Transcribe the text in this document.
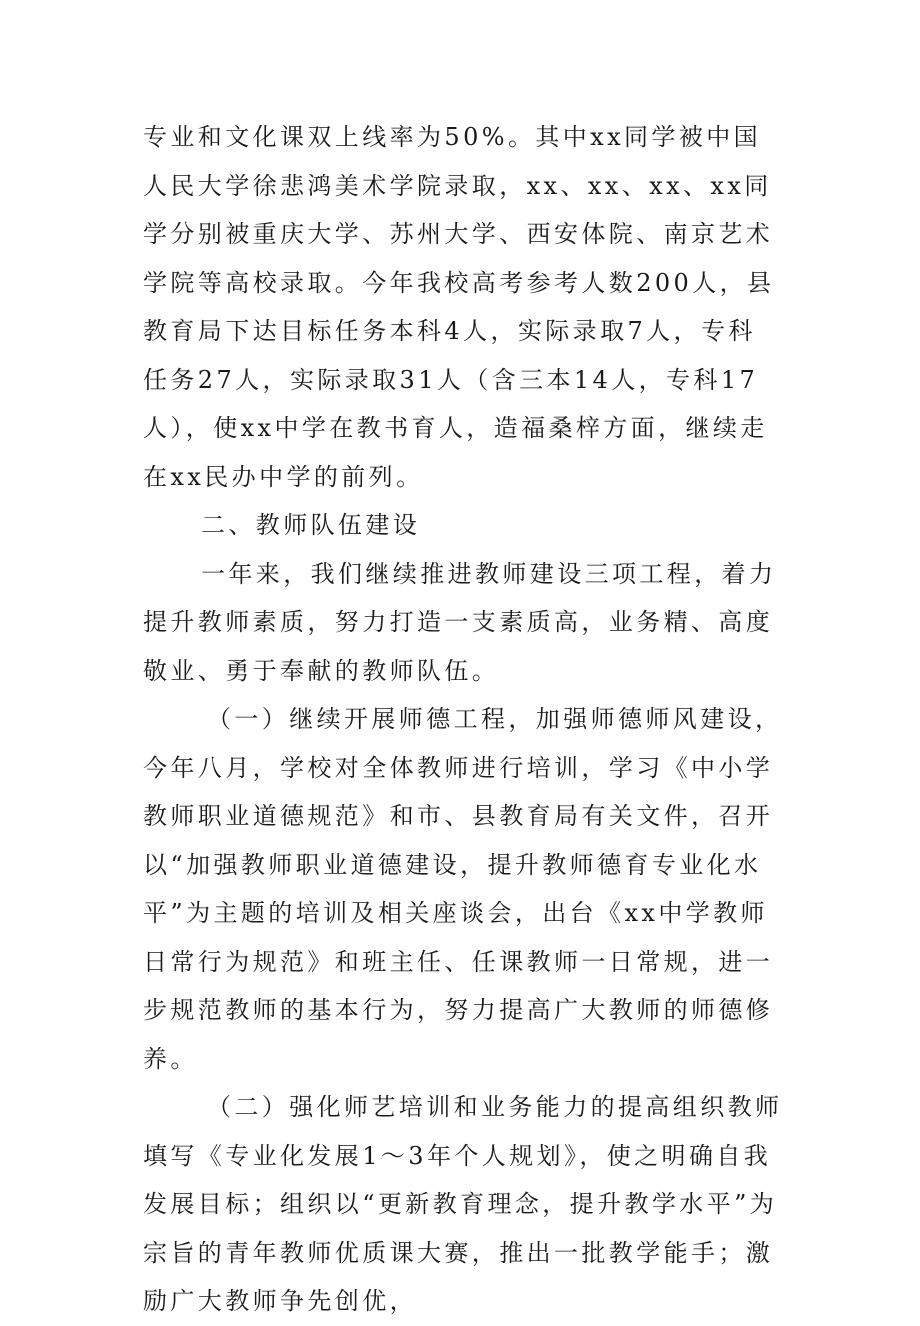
专业和文化课双上线率为50%。其中xx同学被中国人民大学徐悲鸿美术学院录取，xx、xx、xx、xx同学分别被重庆大学、苏州大学、西安体院、南京艺术学院等高校录取。今年我校高考参考人数200人，县教育局下达目标任务本科4人，实际录取7人，专科任务27人，实际录取31人（含三本14人，专科17人），使xx中学在教书育人，造福桑梓方面，继续走在xx民办中学的前列。

二、教师队伍建设

一年来，我们继续推进教师建设三项工程，着力提升教师素质，努力打造一支素质高，业务精、高度敬业、勇于奉献的教师队伍。

（一）继续开展师德工程，加强师德师风建设，今年八月，学校对全体教师进行培训，学习《中小学教师职业道德规范》和市、县教育局有关文件，召开以“加强教师职业道德建设，提升教师德育专业化水平”为主题的培训及相关座谈会，出台《xx中学教师日常行为规范》和班主任、任课教师一日常规，进一步规范教师的基本行为，努力提高广大教师的师德修养。

（二）强化师艺培训和业务能力的提高组织教师填写《专业化发展1～3年个人规划》，使之明确自我发展目标；组织以“更新教育理念，提升教学水平”为宗旨的青年教师优质课大赛，推出一批教学能手；激励广大教师争先创优，
